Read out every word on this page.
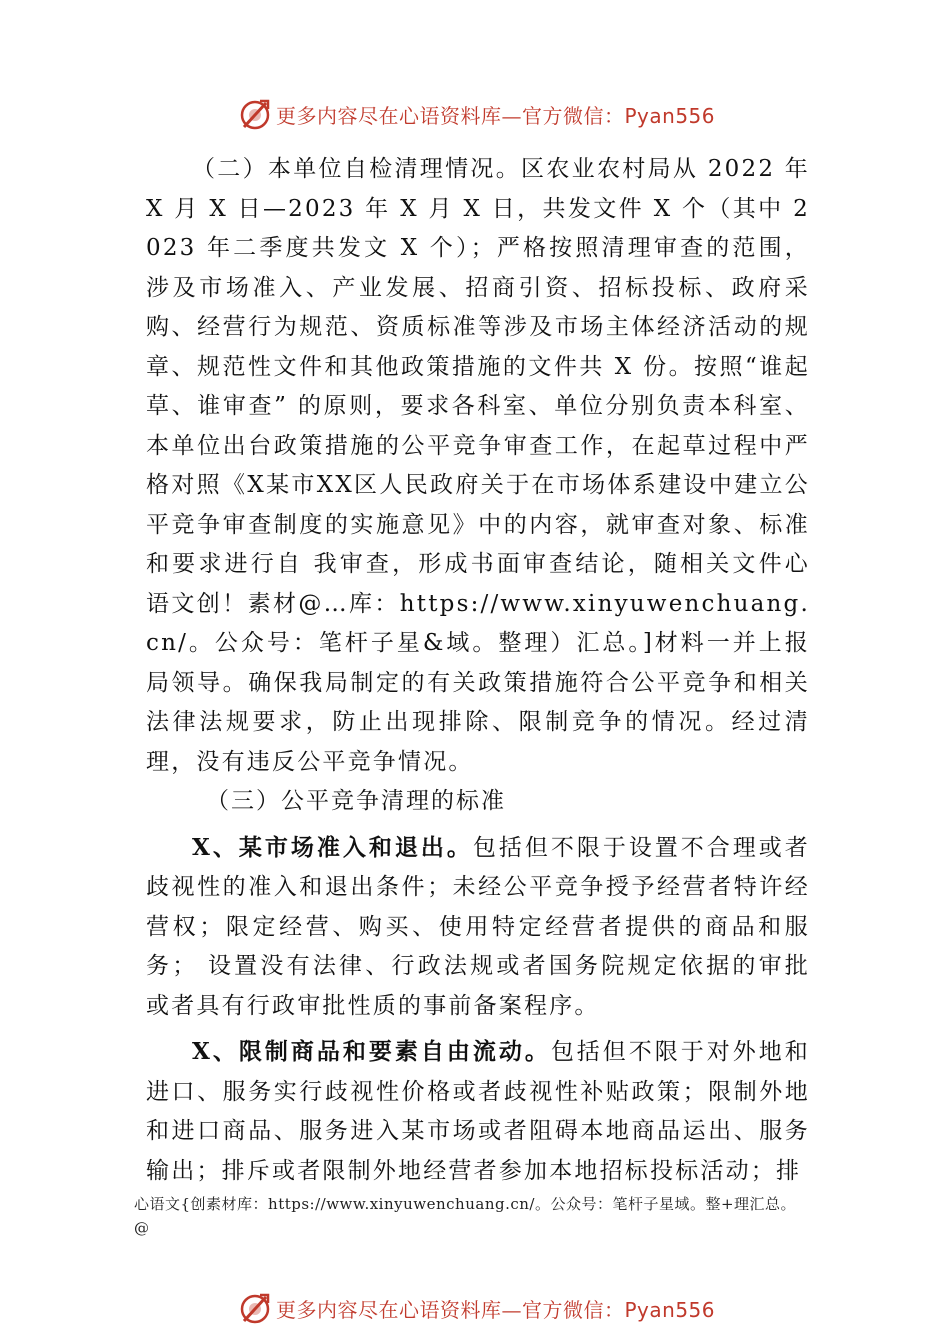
更多内容尽在心语资料库—官方微信：Pyan556

（二）本单位自检清理情况。区农业农村局从 2022 年 X 月 X 日—2023 年 X 月 X 日，共发文件 X 个（其中 2023 年二季度共发文 X 个）；严格按照清理审查的范围，涉及市场准入、产业发展、招商引资、招标投标、政府采购、经营行为规范、资质标准等涉及市场主体经济活动的规章、规范性文件和其他政策措施的文件共 X 份。按照“谁起草、谁审查” 的原则，要求各科室、单位分别负责本科室、本单位出台政策措施的公平竞争审查工作，在起草过程中严格对照《X某市XX区人民政府关于在市场体系建设中建立公平竞争审查制度的实施意见》中的内容，就审查对象、标准和要求进行自 我审查，形成书面审查结论，随相关文件心语文创！素材@…库：https://www.xinyuwenchuang.cn/。公众号：笔杆子星&域。整理）汇总。]材料一并上报局领导。确保我局制定的有关政策措施符合公平竞争和相关法律法规要求，防止出现排除、限制竞争的情况。经过清理，没有违反公平竞争情况。

（三）公平竞争清理的标准

X、某市场准入和退出。包括但不限于设置不合理或者 歧视性的准入和退出条件；未经公平竞争授予经营者特许经营权；限定经营、购买、使用特定经营者提供的商品和服务； 设置没有法律、行政法规或者国务院规定依据的审批或者具有行政审批性质的事前备案程序。

X、限制商品和要素自由流动。包括但不限于对外地和进口、服务实行歧视性价格或者歧视性补贴政策；限制外地和进口商品、服务进入某市场或者阻碍本地商品运出、服务输出；排斥或者限制外地经营者参加本地招标投标活动；排

心语文{创素材库：https://www.xinyuwenchuang.cn/。公众号：笔杆子星域。整+理汇总。
@
更多内容尽在心语资料库—官方微信：Pyan556
